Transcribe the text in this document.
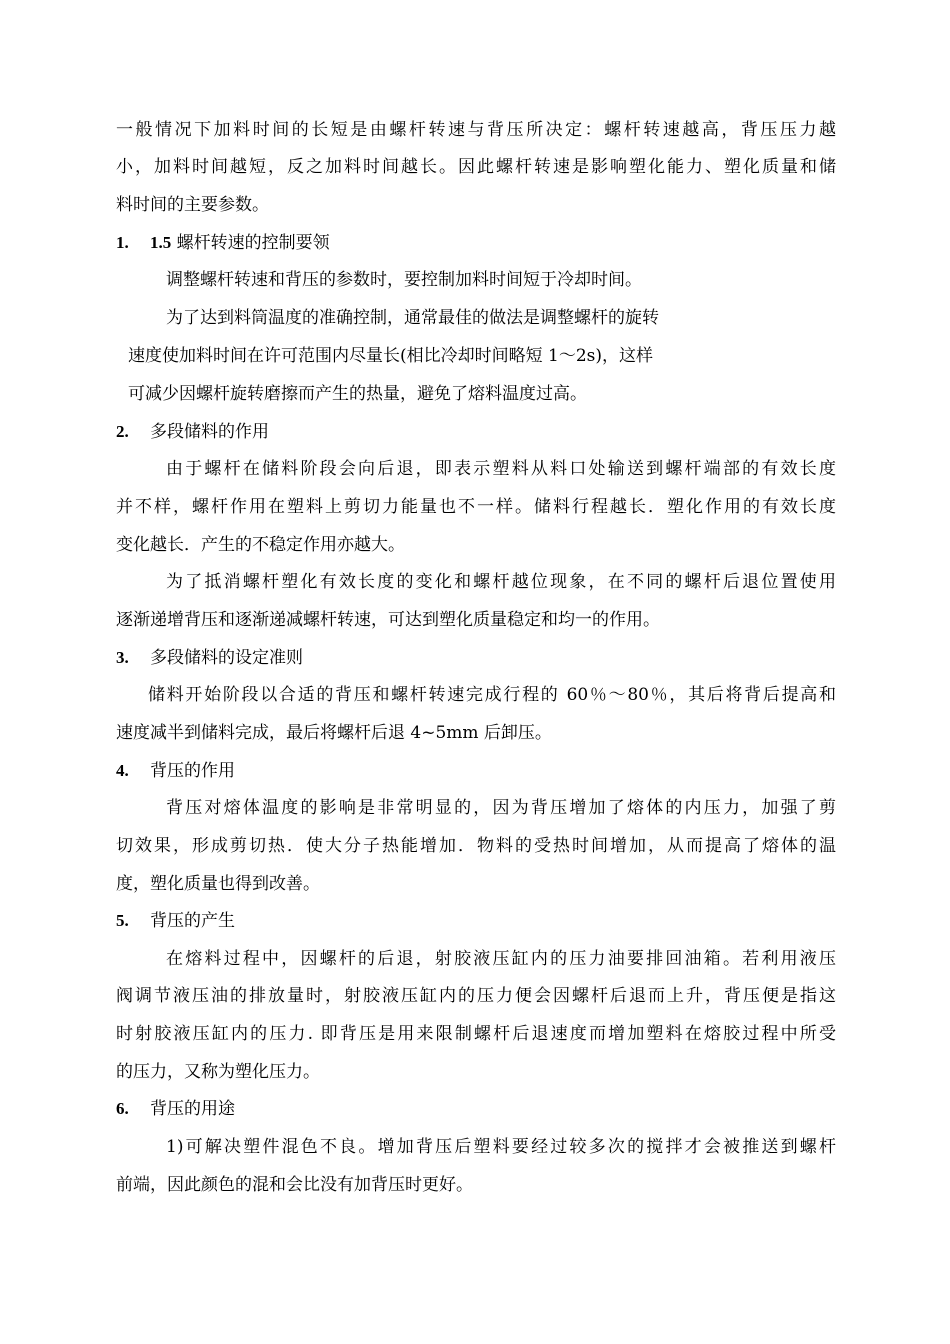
一般情况下加料时间的长短是由螺杆转速与背压所决定：螺杆转速越高，背压压力越
小，加料时间越短，反之加料时间越长。因此螺杆转速是影响塑化能力、塑化质量和储
料时间的主要参数。
1. 1.5 螺杆转速的控制要领
调整螺杆转速和背压的参数时，要控制加料时间短于冷却时间。
为了达到料筒温度的准确控制，通常最佳的做法是调整螺杆的旋转
速度使加料时间在许可范围内尽量长(相比冷却时间略短 1～2s)，这样
可减少因螺杆旋转磨擦而产生的热量，避免了熔料温度过高。
2. 多段储料的作用
由于螺杆在储料阶段会向后退，即表示塑料从料口处输送到螺杆端部的有效长度
并不样，螺杆作用在塑料上剪切力能量也不一样。储料行程越长．塑化作用的有效长度
变化越长．产生的不稳定作用亦越大。
为了抵消螺杆塑化有效长度的变化和螺杆越位现象，在不同的螺杆后退位置使用
逐渐递增背压和逐渐递减螺杆转速，可达到塑化质量稳定和均一的作用。
3. 多段储料的设定准则
储料开始阶段以合适的背压和螺杆转速完成行程的 60％～80％，其后将背后提高和
速度减半到储料完成，最后将螺杆后退 4~5mm 后卸压。
4. 背压的作用
背压对熔体温度的影响是非常明显的，因为背压增加了熔体的内压力，加强了剪
切效果，形成剪切热．使大分子热能增加．物料的受热时间增加，从而提高了熔体的温
度，塑化质量也得到改善。
5. 背压的产生
在熔料过程中，因螺杆的后退，射胶液压缸内的压力油要排回油箱。若利用液压
阀调节液压油的排放量时，射胶液压缸内的压力便会因螺杆后退而上升，背压便是指这
时射胶液压缸内的压力. 即背压是用来限制螺杆后退速度而增加塑料在熔胶过程中所受
的压力，又称为塑化压力。
6. 背压的用途
1)可解决塑件混色不良。增加背压后塑料要经过较多次的搅拌才会被推送到螺杆
前端，因此颜色的混和会比没有加背压时更好。
